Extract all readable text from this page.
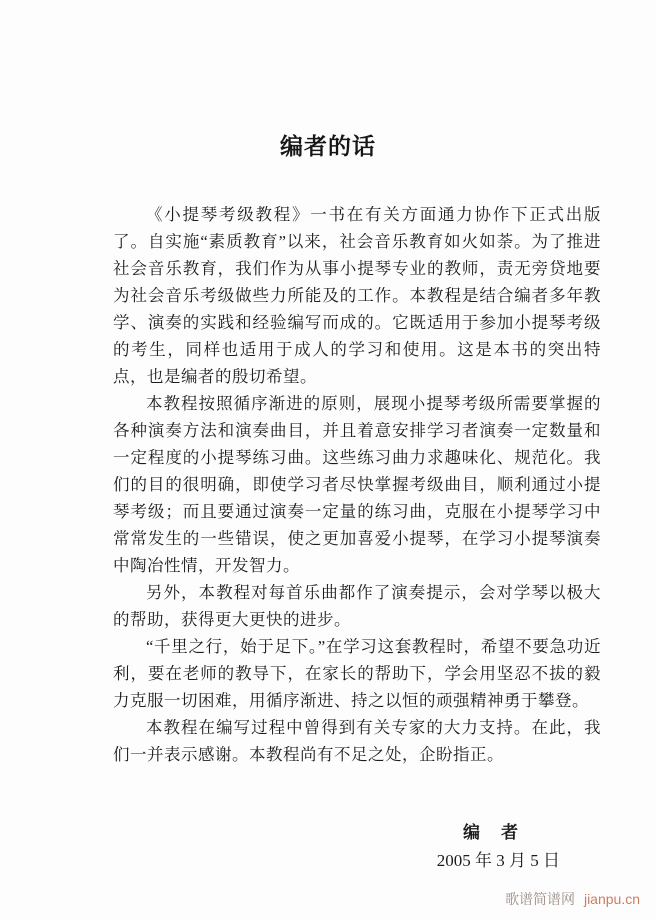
编者的话

《小提琴考级教程》一书在有关方面通力协作下正式出版了。自实施“素质教育”以来，社会音乐教育如火如荼。为了推进社会音乐教育，我们作为从事小提琴专业的教师，责无旁贷地要为社会音乐考级做些力所能及的工作。本教程是结合编者多年教学、演奏的实践和经验编写而成的。它既适用于参加小提琴考级的考生，同样也适用于成人的学习和使用。这是本书的突出特点，也是编者的殷切希望。

本教程按照循序渐进的原则，展现小提琴考级所需要掌握的各种演奏方法和演奏曲目，并且着意安排学习者演奏一定数量和一定程度的小提琴练习曲。这些练习曲力求趣味化、规范化。我们的目的很明确，即使学习者尽快掌握考级曲目，顺利通过小提琴考级；而且要通过演奏一定量的练习曲，克服在小提琴学习中常常发生的一些错误，使之更加喜爱小提琴，在学习小提琴演奏中陶冶性情，开发智力。

另外，本教程对每首乐曲都作了演奏提示，会对学琴以极大的帮助，获得更大更快的进步。

“千里之行，始于足下。”在学习这套教程时，希望不要急功近利，要在老师的教导下，在家长的帮助下，学会用坚忍不拔的毅力克服一切困难，用循序渐进、持之以恒的顽强精神勇于攀登。

本教程在编写过程中曾得到有关专家的大力支持。在此，我们一并表示感谢。本教程尚有不足之处，企盼指正。

编　者
2005 年 3 月 5 日
歌谱简谱网 jianpu.cn
